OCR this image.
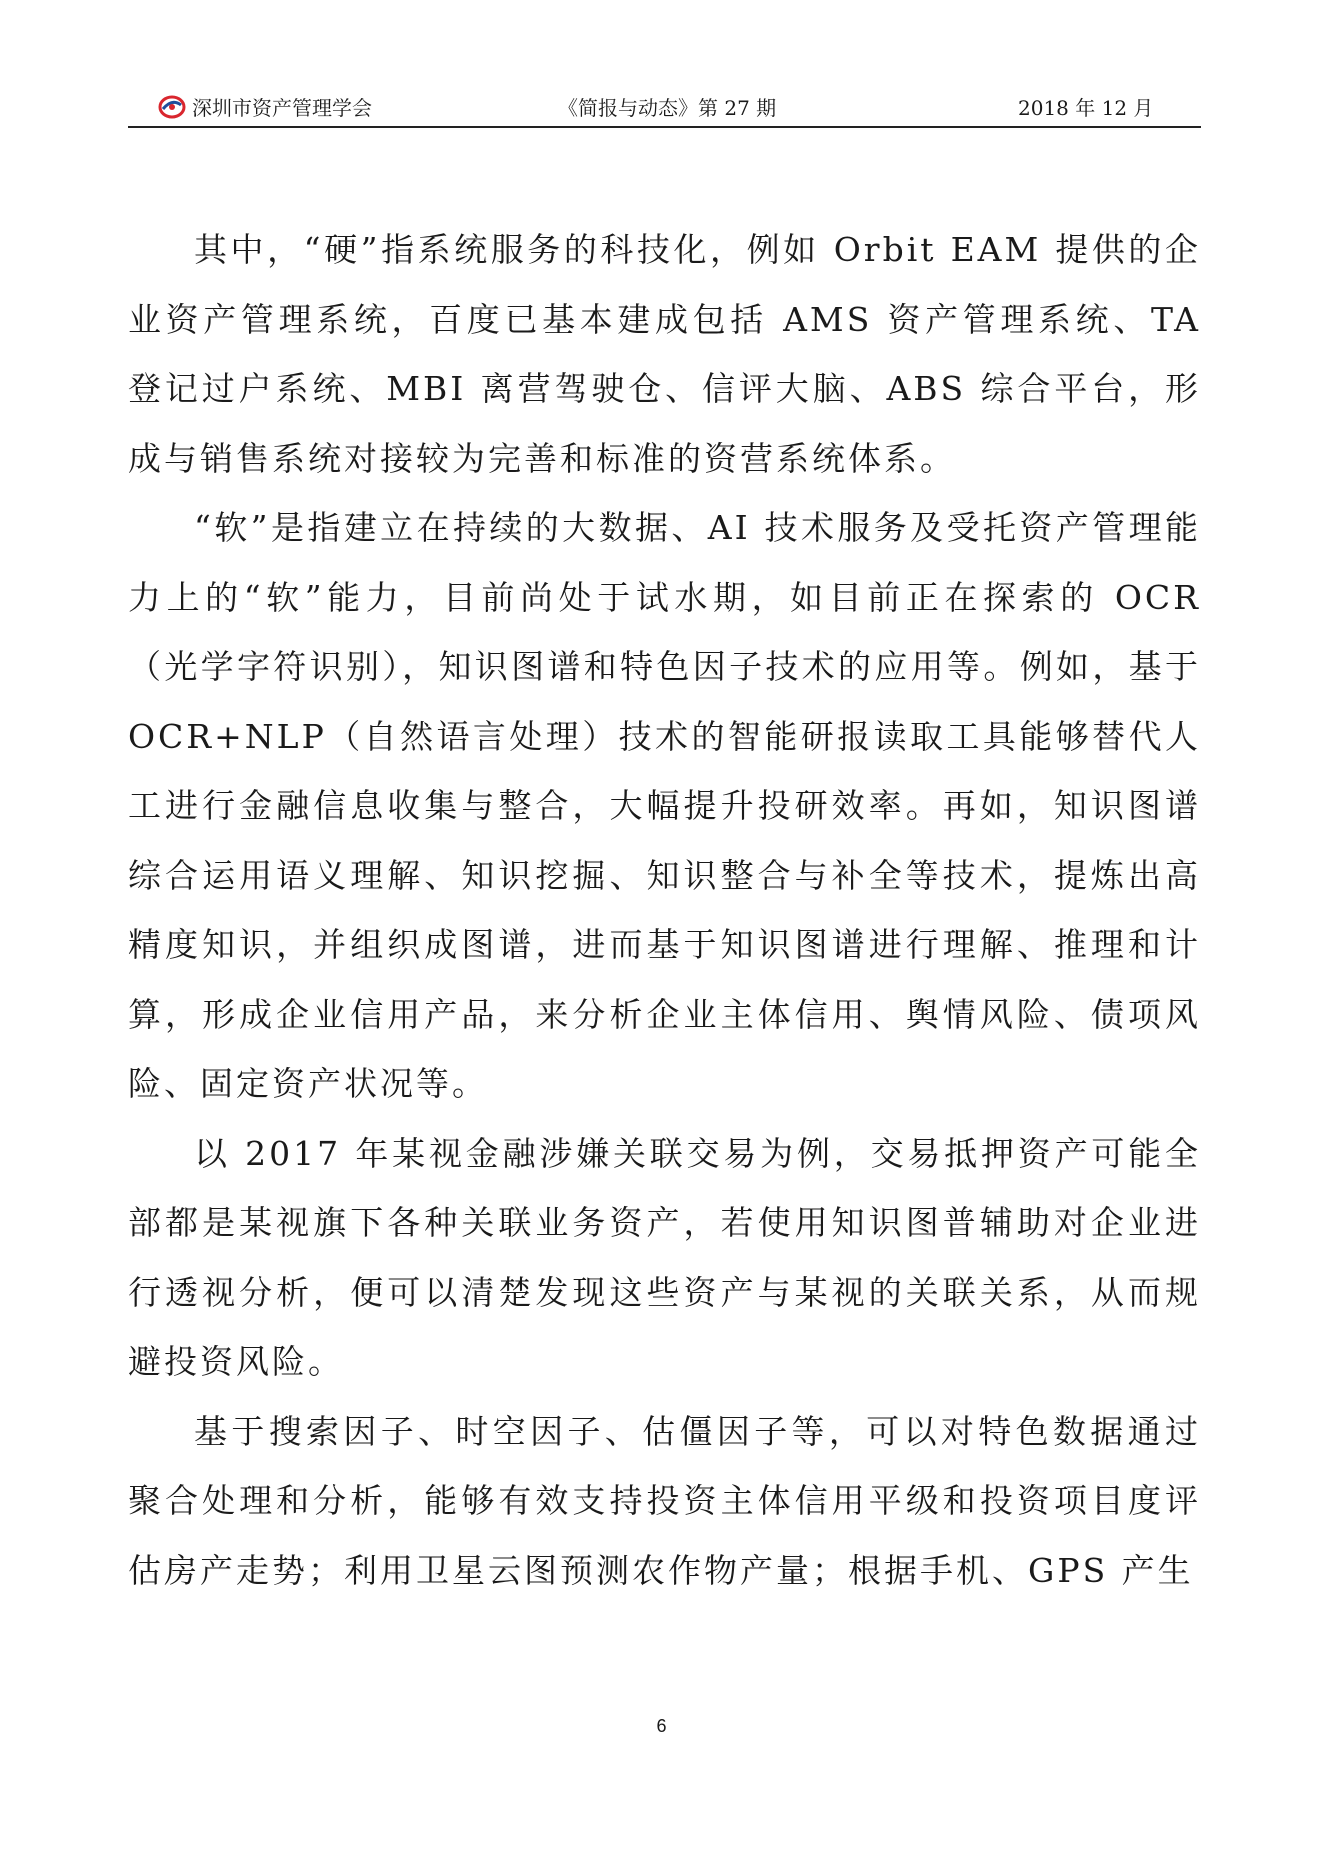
深圳市资产管理学会	《简报与动态》第 27 期	2018 年 12 月

其中，“硬”指系统服务的科技化，例如 Orbit EAM 提供的企业资产管理系统，百度已基本建成包括 AMS 资产管理系统、TA 登记过户系统、MBI 离营驾驶仓、信评大脑、ABS 综合平台，形成与销售系统对接较为完善和标准的资营系统体系。

“软”是指建立在持续的大数据、AI 技术服务及受托资产管理能力上的“软”能力，目前尚处于试水期，如目前正在探索的 OCR（光学字符识别），知识图谱和特色因子技术的应用等。例如，基于 OCR+NLP（自然语言处理）技术的智能研报读取工具能够替代人工进行金融信息收集与整合，大幅提升投研效率。再如，知识图谱综合运用语义理解、知识挖掘、知识整合与补全等技术，提炼出高精度知识，并组织成图谱，进而基于知识图谱进行理解、推理和计算，形成企业信用产品，来分析企业主体信用、舆情风险、债项风险、固定资产状况等。

以 2017 年某视金融涉嫌关联交易为例，交易抵押资产可能全部都是某视旗下各种关联业务资产，若使用知识图普辅助对企业进行透视分析，便可以清楚发现这些资产与某视的关联关系，从而规避投资风险。

基于搜索因子、时空因子、估僵因子等，可以对特色数据通过聚合处理和分析，能够有效支持投资主体信用平级和投资项目度评估房产走势；利用卫星云图预测农作物产量；根据手机、GPS 产生

6
